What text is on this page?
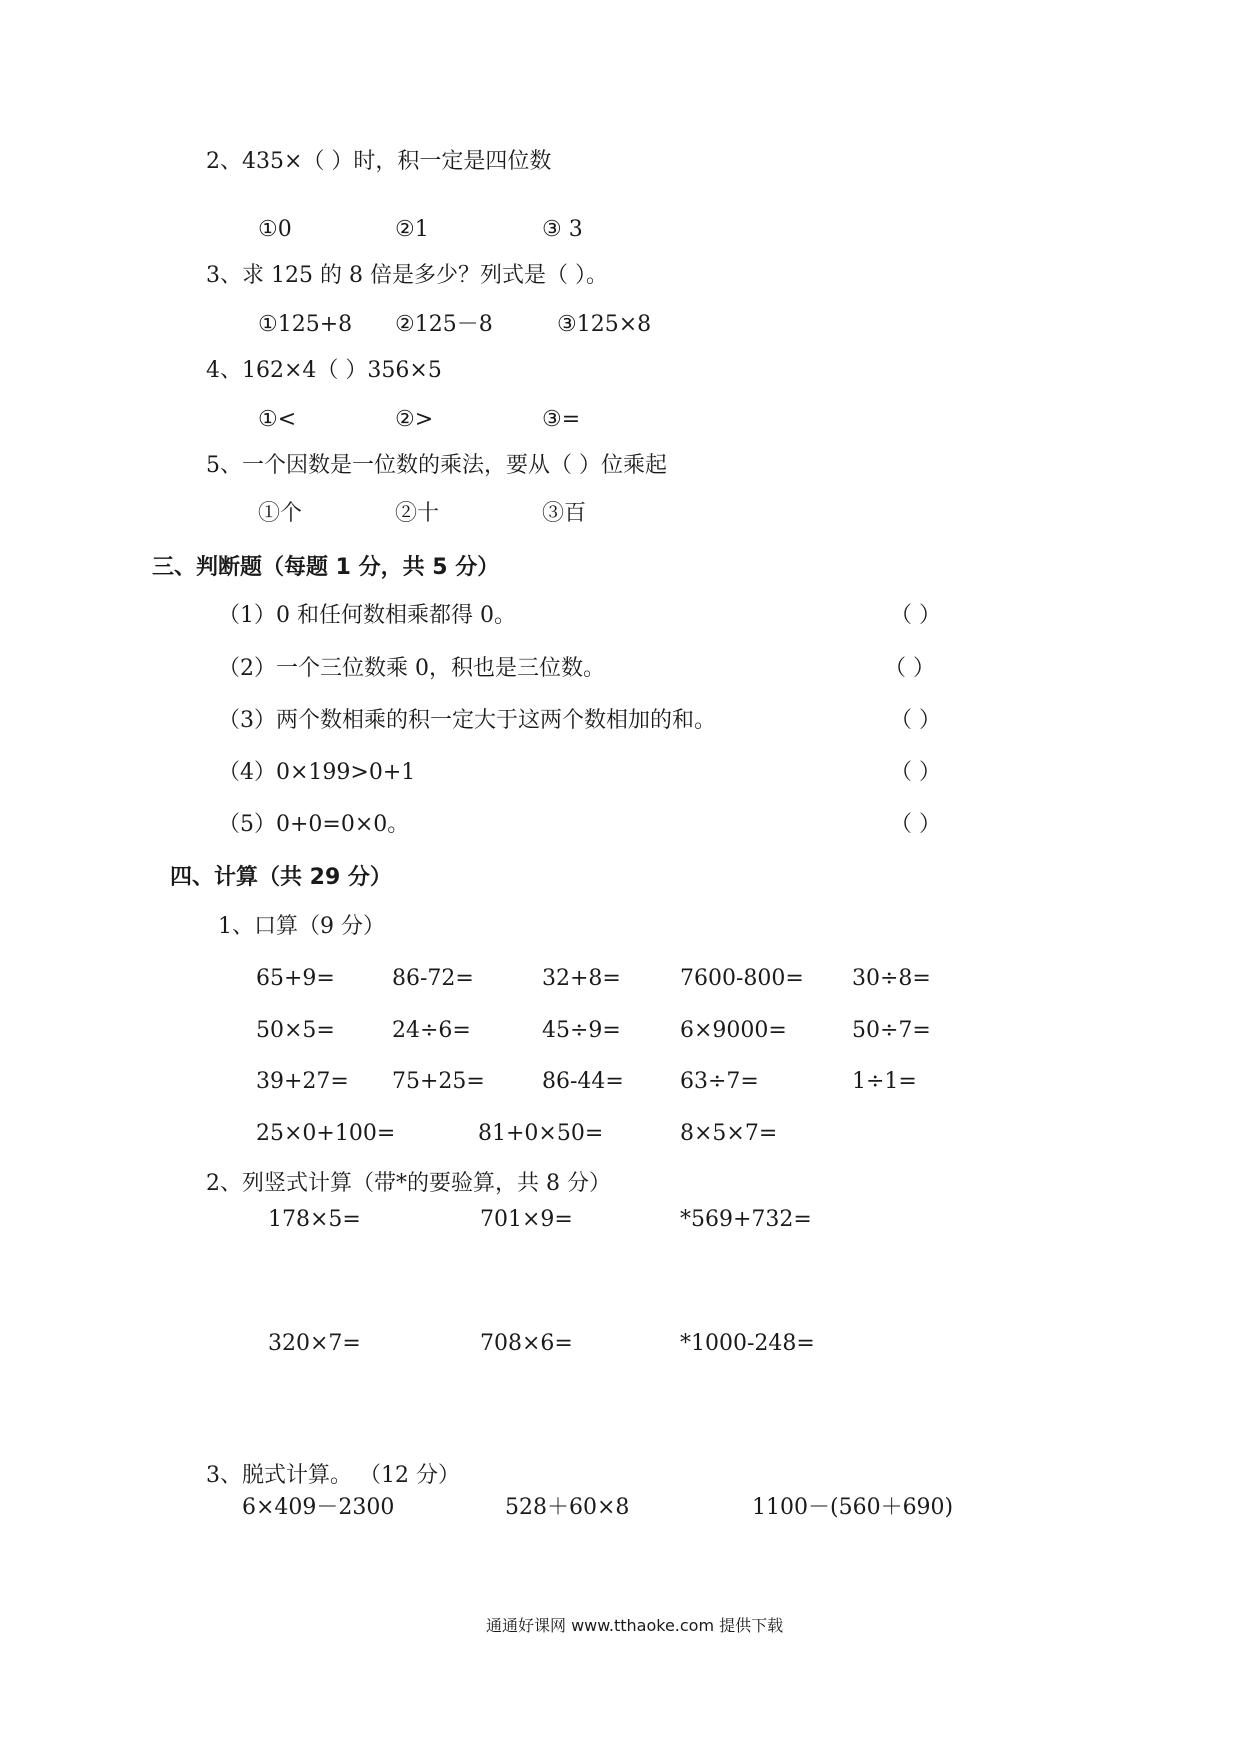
2、435×（ ）时，积一定是四位数
①0	②1	③ 3
3、求 125 的 8 倍是多少？列式是（ ）。
①125+8 ②125－8	③125×8
4、162×4（ ）356×5
①<	②>	③=
5、一个因数是一位数的乘法，要从（ ）位乘起
①个	②十	③百
三、判断题（每题 1 分，共 5 分）
（1）0 和任何数相乘都得 0。	（ ）
（2）一个三位数乘 0，积也是三位数。	（ ）
（3）两个数相乘的积一定大于这两个数相加的和。	（ ）
（4）0×199>0+1	（ ）
（5）0+0=0×0。	（ ）
四、计算（共 29 分）
1、口算（9 分）
65+9=	86-72=	32+8=	7600-800= 30÷8=
50×5=	24÷6=	45÷9=	6×9000=	50÷7=
39+27= 75+25=	86-44=	63÷7=	1÷1=
25×0+100=	81+0×50=	8×5×7=
2、列竖式计算（带*的要验算，共 8 分）
178×5=	701×9=	*569+732=
320×7=	708×6=	*1000-248=
3、脱式计算。 （12 分）
6×409－2300	528＋60×8	1100－(560＋690)
通通好课网 www.tthaoke.com 提供下载
